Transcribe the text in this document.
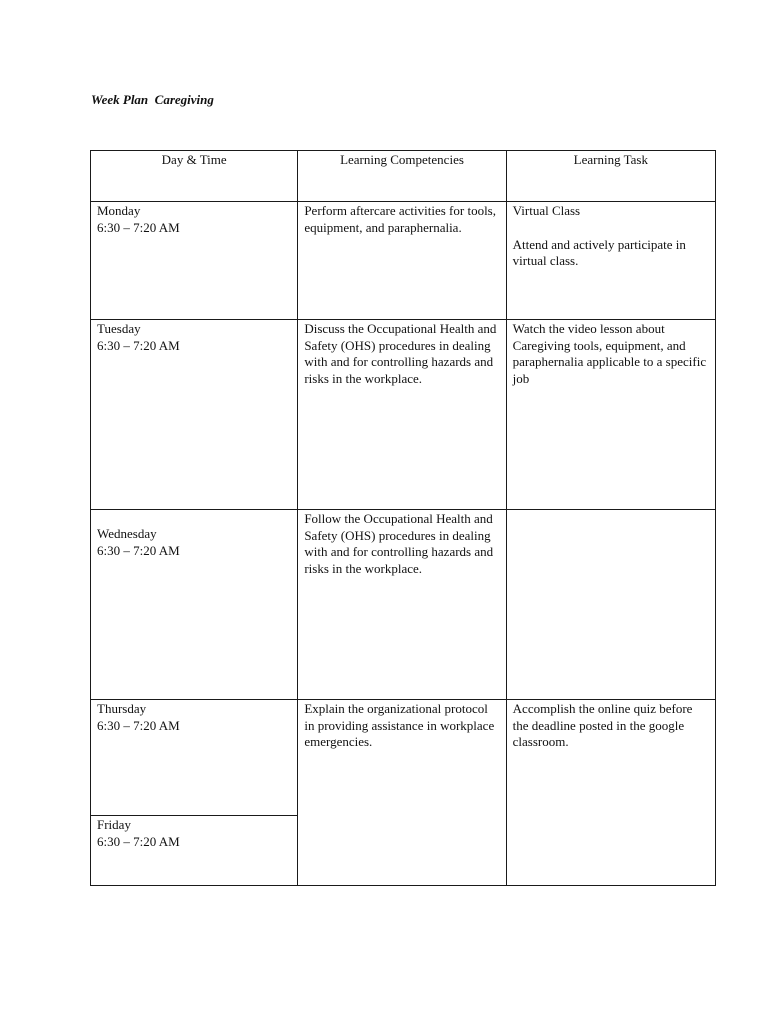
Week Plan  Caregiving
Day & Time	Learning Competencies	Learning Task

Monday
6:30 – 7:20 AM	Perform aftercare activities for tools, equipment, and paraphernalia.	Virtual Class
Attend and actively participate in virtual class.

Tuesday
6:30 – 7:20 AM	Discuss the Occupational Health and Safety (OHS) procedures in dealing with and for controlling hazards and risks in the workplace.	Watch the video lesson about Caregiving tools, equipment, and paraphernalia applicable to a specific job

Wednesday
6:30 – 7:20 AM	Follow the Occupational Health and Safety (OHS) procedures in dealing with and for controlling hazards and risks in the workplace.	

Thursday
6:30 – 7:20 AM	Explain the organizational protocol in providing assistance in workplace emergencies.	Accomplish the online quiz before the deadline posted in the google classroom.

Friday
6:30 – 7:20 AM		
